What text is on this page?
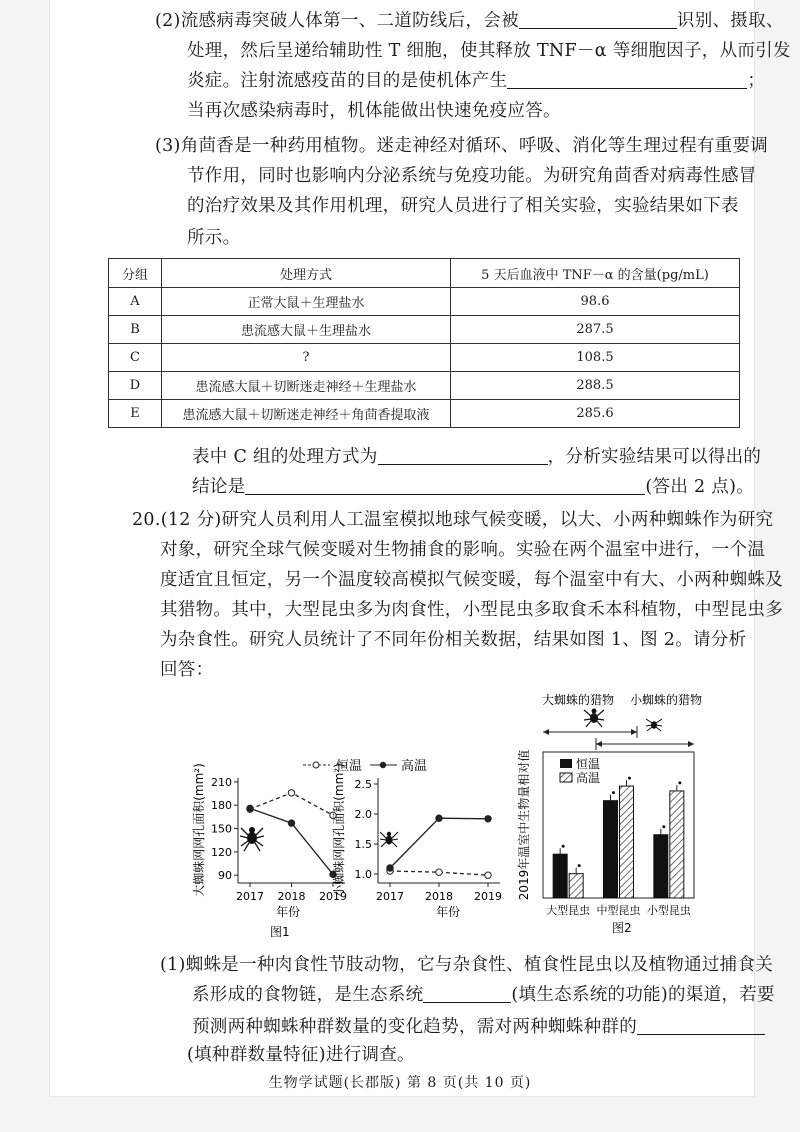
(2)流感病毒突破人体第一、二道防线后，会被	识别、摄取、
处理，然后呈递给辅助性 T 细胞，使其释放 TNF－α 等细胞因子，从而引发
炎症。注射流感疫苗的目的是使机体产生	；
当再次感染病毒时，机体能做出快速免疫应答。
(3)角茴香是一种药用植物。迷走神经对循环、呼吸、消化等生理过程有重要调
节作用，同时也影响内分泌系统与免疫功能。为研究角茴香对病毒性感冒
的治疗效果及其作用机理，研究人员进行了相关实验，实验结果如下表
所示。
分组	处理方式	5 天后血液中 TNF－α 的含量(pg/mL)
A	正常大鼠＋生理盐水	98.6
B	患流感大鼠＋生理盐水	287.5
C	?	108.5
D	患流感大鼠＋切断迷走神经＋生理盐水	288.5
E	患流感大鼠＋切断迷走神经＋角茴香提取液	285.6
表中 C 组的处理方式为	，分析实验结果可以得出的
结论是	(答出 2 点)。
20.(12 分)研究人员利用人工温室模拟地球气候变暖，以大、小两种蜘蛛作为研究
对象，研究全球气候变暖对生物捕食的影响。实验在两个温室中进行，一个温
度适宜且恒定，另一个温度较高模拟气候变暖，每个温室中有大、小两种蜘蛛及
其猎物。其中，大型昆虫多为肉食性，小型昆虫多取食禾本科植物，中型昆虫多
为杂食性。研究人员统计了不同年份相关数据，结果如图 1、图 2。请分析
回答：
恒温	高温
大蜘蛛网网孔面积(mm²)
年份
90
120
150
180
210
2017 2018 2019
小蜘蛛网网孔面积(mm²)
年份
1.0
1.5
2.0
2.5
2017 2018 2019
图1
大蜘蛛的猎物 小蜘蛛的猎物
2019年温室中生物量相对值	恒温
高温
大型昆虫 中型昆虫 小型昆虫
图2
(1)蜘蛛是一种肉食性节肢动物，它与杂食性、植食性昆虫以及植物通过捕食关
系形成的食物链，是生态系统	(填生态系统的功能)的渠道，若要
预测两种蜘蛛种群数量的变化趋势，需对两种蜘蛛种群的
(填种群数量特征)进行调查。
生物学试题(长郡版) 第 8 页(共 10 页)
